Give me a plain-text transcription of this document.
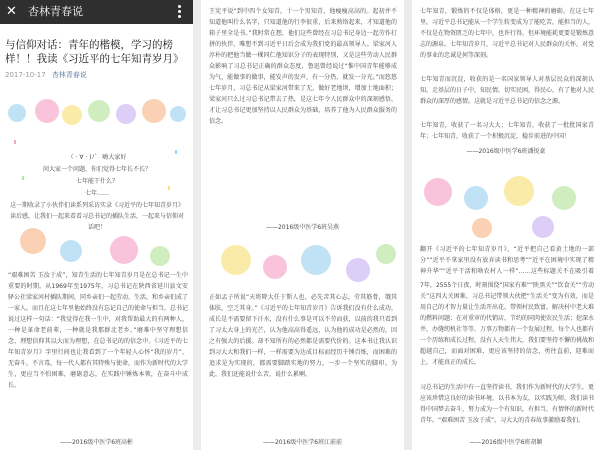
✕ 杏林青春说
与信仰对话：青年的楷模，学习的榜样！！我读《习近平的七年知青岁月》
2017-10-17 杏林青春说
（ · ∀ · )ﾉ゛ 嗨大家好
问大家一个问题，你们觉得七年长不长？
七年能干什么？
七年……
这一期收录了小伙伴们读系列采访实录《习近平的七年知青岁月》读后感，让我们一起来看看习总书记的插队生活，一起来与信仰对话吧！
“艰难困苦 玉汝于成”，知青生活的七年知青岁月是在总书记一生中重要的时期。从1969年至1975年，习总书记在陕西省延川县文安驿公社梁家河村插队期间，同乡亲们一起劳动、生活，和乡亲们成了一家人。而且在这七年里他始终没有忘记自己的使命与担当，总书记说过这样一句话：“我觉得在我一生中，对我帮助最大的有两种人，一种是革命老前辈，一种就是我那群北老乡。”磨难中坚守理想信念，理想信仰其以大而为理想，在总书记的的信念中。《习近平的七年知青岁月》字里行间也让我看到了一个年轻人心怀“我的岁月”，无奋斗，不言毒，每一代人都有其特殊与使命，而作为新时代的大学生，更应当不怕困难，磨砺意志，在实践中锤炼本领，在奋斗中成长。
——2016级中医学6班高彬
王宪平说“到中四个女知青，十一个男知青，他瘦瘦高高的。起初并不知道他叫什么名字，只知道他的行李很重，后来熟络起来，才知道他的箱子里全是书。”我时常在想，他们这些曾经在习总书记身边一起劳作打拼的伙伴，唯想不到习近平日后会成为我们党的最高领导人。梁家河人淳朴的把他当做一棵同仁他知识分子的表现特别，又是这些劳动人民群众影响了习总书记正确的群众态度，鲁迅曾经说过“惟中国青年能够成为气，能做事的做事，能发声的发声，有一分热，就发一分光。”而悠悠七年岁月，习总书记从梁家河带来了无，做好老地坝，增加土地面积；梁家河只么过习总书记带去了热，是这七年令人民群众中的深刻感悟，才让习总书记更加坚持以人民群众为基础，培养了他为人民群众服务的信念。
——2016级中医学6班吴燕
正如孟子所说“天将降大任于斯人也，必先苦其心志，劳其筋骨，饿其体肤，空乏其身。”《习近平的七年知青岁月》告诉我们没有什么成功，成长是不需要留下汗水，没有什么事是可以不劳而获，以前的我只看到了习太大身上的光芒，认为他高高得遥远，认为他的成功是必然的，因之有强大的后援。却不知所有的必然都是需要代价的。这本书让我认识到习大大和我们一样，一样需要为达成目标而经历千锤百炼，而困难的追求是为实现的，都需要脚踏实地的努力，一步一个坚实的脚印。为此，我们还能说什么苦，说什么累啊。
——2016级中医学6班江前前
七年知青，锻炼的不仅是体格，更是一种精神的磨砺。在这七年里，习近平总书记能从一个学生转变成为了能吃苦，能担当的人，不仅是在物资匮乏的七年中，也许行得，但环境能耗更要是锻炼意志的源泉。七年知青岁月，习近平总书记对人民群众的关怀，对党的事业的忠诚是何等深刻。
七年知青而沉淀，收获的是一名国家领导人对基层民众的深刻认知，走基层的日子中，知民情，切实民困，得民心，有了他对人民群众的深厚的感情。这就是习近平总书记的信念之源。
七年知青，收获了一名习大大；七年知青，收获了一批批国家青年；七年知青，收获了一个积极沉淀，稳步前进的中国！
——2016级中医学6班潘锐豪
翻开《习近平的七年知青岁月》，“近平把自己看黄土地的一部分”“近平不拿家里没有放弃读书和思考”“近平在困境中实现了精神升华”“近平干活和啥农村人一样”……这些标题关不在吸引着
7年，2555个日夜，时刻围绕“国家有难”“陕黑关”“饮食关”“劳动关”这四大关困难，习总书记带领大伙把“生活关”变为有效，而是用自己的才智力量让生活开出花。带领村民致富，解决村中老大难的燃料问题；在对重审的代销店，节约的同肉使农民生活；挖深水井，办缝纫机社等等，万事万物都有一个发展过程，每个人也都有一个历练和成长过程，没有人天生伟大，我们要坚持不懈的挑战和超越自己，而面对困难，更应该坚持的信念，勇往直前，迎难而上，才能真正的成长。
习总书记的生活中有一直坚持读书，我们作为新时代的大学生，更应该珍惜这良好的读书环境，以书本为友，以实践为师，我们读书得中国梦去奋斗，努力成为一个有知识，有担当，有情怀的新时代青年。“艰难困苦 玉汝于成”。习大大的青春故事激励着我们。
——2016级中医学6班胡颖
